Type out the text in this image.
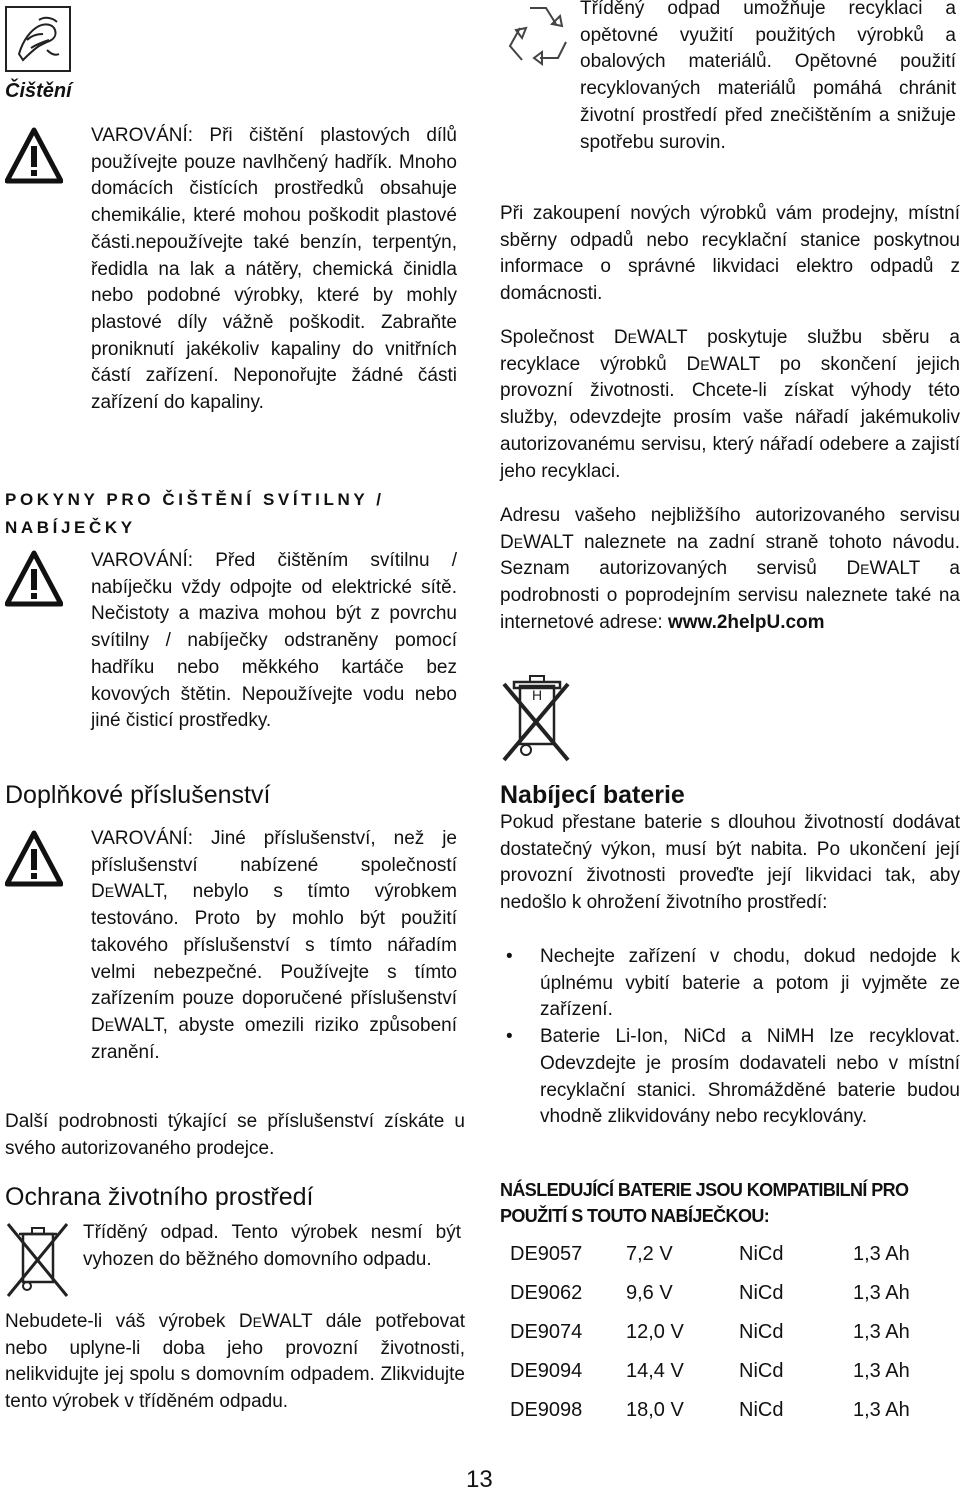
Čištění

VAROVÁNÍ: Při čištění plastových dílů používejte pouze navlhčený hadřík. Mnoho domácích čistících prostředků obsahuje chemikálie, které mohou poškodit plastové části.nepoužívejte také benzín, terpentýn, ředidla na lak a nátěry, chemická činidla nebo podobné výrobky, které by mohly plastové díly vážně poškodit. Zabraňte proniknutí jakékoliv kapaliny do vnitřních částí zařízení. Neponořujte žádné části zařízení do kapaliny.

POKYNY PRO ČIŠTĚNÍ SVÍTILNY / NABÍJEČKY

VAROVÁNÍ: Před čištěním svítilnu / nabíječku vždy odpojte od elektrické sítě. Nečistoty a maziva mohou být z povrchu svítilny / nabíječky odstraněny pomocí hadříku nebo měkkého kartáče bez kovových štětin. Nepoužívejte vodu nebo jiné čisticí prostředky.

Doplňkové příslušenství

VAROVÁNÍ: Jiné příslušenství, než je příslušenství nabízené společností DEWALT, nebylo s tímto výrobkem testováno. Proto by mohlo být použití takového příslušenství s tímto nářadím velmi nebezpečné. Používejte s tímto zařízením pouze doporučené příslušenství DEWALT, abyste omezili riziko způsobení zranění.

Další podrobnosti týkající se příslušenství získáte u svého autorizovaného prodejce.

Ochrana životního prostředí

Tříděný odpad. Tento výrobek nesmí být vyhozen do běžného domovního odpadu.

Nebudete-li váš výrobek DEWALT dále potřebovat nebo uplyne-li doba jeho provozní životnosti, nelikvidujte jej spolu s domovním odpadem. Zlikvidujte tento výrobek v tříděném odpadu.

Tříděný odpad umožňuje recyklaci a opětovné využití použitých výrobků a obalových materiálů. Opětovné použití recyklovaných materiálů pomáhá chránit životní prostředí před znečištěním a snižuje spotřebu surovin.

Při zakoupení nových výrobků vám prodejny, místní sběrny odpadů nebo recyklační stanice poskytnou informace o správné likvidaci elektro odpadů z domácnosti.

Společnost DEWALT poskytuje službu sběru a recyklace výrobků DEWALT po skončení jejich provozní životnosti. Chcete-li získat výhody této služby, odevzdejte prosím vaše nářadí jakémukoliv autorizovanému servisu, který nářadí odebere a zajistí jeho recyklaci.

Adresu vašeho nejbližšího autorizovaného servisu DEWALT naleznete na zadní straně tohoto návodu. Seznam autorizovaných servisů DEWALT a podrobnosti o poprodejním servisu naleznete také na internetové adrese: www.2helpU.com

H
Nabíjecí baterie

Pokud přestane baterie s dlouhou životností dodávat dostatečný výkon, musí být nabita. Po ukončení její provozní životnosti proveďte její likvidaci tak, aby nedošlo k ohrožení životního prostředí:

• Nechejte zařízení v chodu, dokud nedojde k úplnému vybití baterie a potom ji vyjměte ze zařízení.
• Baterie Li-Ion, NiCd a NiMH lze recyklovat. Odevzdejte je prosím dodavateli nebo v místní recyklační stanici. Shromážděné baterie budou vhodně zlikvidovány nebo recyklovány.
NÁSLEDUJÍCÍ BATERIE JSOU KOMPATIBILNÍ PRO POUŽITÍ S TOUTO NABÍJEČKOU:
DE9057	7,2 V	NiCd	1,3 Ah
DE9062	9,6 V	NiCd	1,3 Ah
DE9074	12,0 V	NiCd	1,3 Ah
DE9094	14,4 V	NiCd	1,3 Ah
DE9098	18,0 V	NiCd	1,3 Ah
13
